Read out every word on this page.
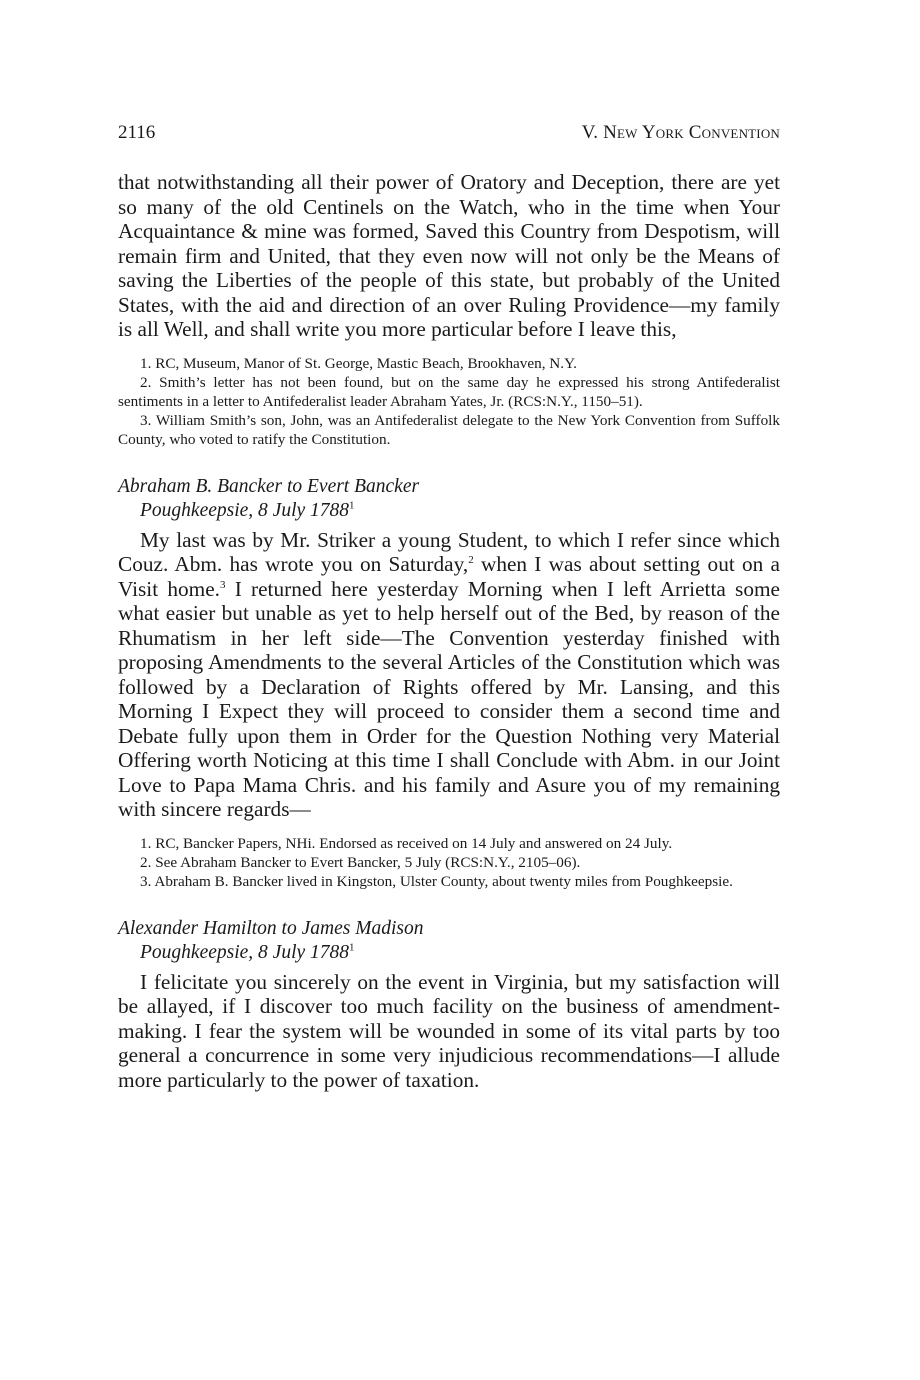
2116	V. New York Convention

that notwithstanding all their power of Oratory and Deception, there are yet so many of the old Centinels on the Watch, who in the time when Your Acquaintance & mine was formed, Saved this Country from Despotism, will remain firm and United, that they even now will not only be the Means of saving the Liberties of the people of this state, but probably of the United States, with the aid and direction of an over Ruling Providence—my family is all Well, and shall write you more particular before I leave this,

1. RC, Museum, Manor of St. George, Mastic Beach, Brookhaven, N.Y.

2. Smith’s letter has not been found, but on the same day he expressed his strong Antifederalist sentiments in a letter to Antifederalist leader Abraham Yates, Jr. (RCS:N.Y., 1150–51).

3. William Smith’s son, John, was an Antifederalist delegate to the New York Convention from Suffolk County, who voted to ratify the Constitution.

Abraham B. Bancker to Evert Bancker

Poughkeepsie, 8 July 1788$^1$

My last was by Mr. Striker a young Student, to which I refer since which Couz. Abm. has wrote you on Saturday,$^2$ when I was about setting out on a Visit home.$^3$ I returned here yesterday Morning when I left Arrietta some what easier but unable as yet to help herself out of the Bed, by reason of the Rhumatism in her left side—The Convention yesterday finished with proposing Amendments to the several Articles of the Constitution which was followed by a Declaration of Rights offered by Mr. Lansing, and this Morning I Expect they will proceed to consider them a second time and Debate fully upon them in Order for the Question Nothing very Material Offering worth Noticing at this time I shall Conclude with Abm. in our Joint Love to Papa Mama Chris. and his family and Asure you of my remaining with sincere regards—

1. RC, Bancker Papers, NHi. Endorsed as received on 14 July and answered on 24 July.

2. See Abraham Bancker to Evert Bancker, 5 July (RCS:N.Y., 2105–06).

3. Abraham B. Bancker lived in Kingston, Ulster County, about twenty miles from Poughkeepsie.

Alexander Hamilton to James Madison

Poughkeepsie, 8 July 1788$^1$

I felicitate you sincerely on the event in Virginia, but my satisfaction will be allayed, if I discover too much facility on the business of amendment-making. I fear the system will be wounded in some of its vital parts by too general a concurrence in some very injudicious recommendations—I allude more particularly to the power of taxation.
